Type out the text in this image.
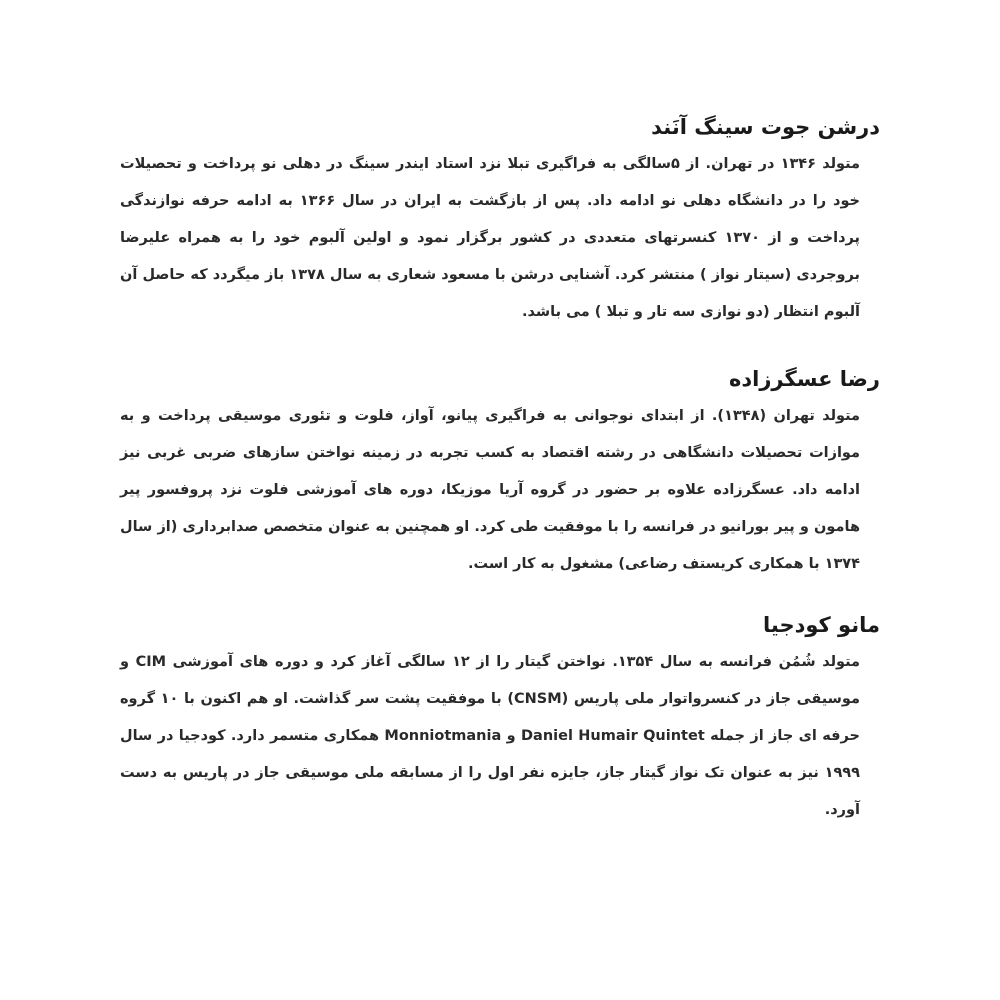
درشن جوت سینگ آنَند

متولد ۱۳۴۶ در تهران. از ۵سالگی به فراگیری تبلا نزد استاد ایندر سینگ در دهلی نو پرداخت و تحصیلات خود را در دانشگاه دهلی نو ادامه داد. پس از بازگشت به ایران در سال ۱۳۶۶ به ادامه حرفه نوازندگی پرداخت و از ۱۳۷۰ کنسرتهای متعددی در کشور برگزار نمود و اولین آلبوم خود را به همراه علیرضا بروجردی (سیتار نواز ) منتشر کرد. آشنایی درشن با مسعود شعاری به سال ۱۳۷۸ باز میگردد که حاصل آن آلبوم انتظار (دو نوازی سه تار و تبلا ) می باشد.

رضا عسگرزاده

متولد تهران (۱۳۴۸). از ابتدای نوجوانی به فراگیری پیانو، آواز، فلوت و تئوری موسیقی پرداخت و به موازات تحصیلات دانشگاهی در رشته اقتصاد به کسب تجربه در زمینه نواختن سازهای ضربی غربی نیز ادامه داد. عسگرزاده علاوه بر حضور در گروه آریا موزیکا، دوره های آموزشی فلوت نزد پروفسور پیر هامون و پیر بورانیو در فرانسه را با موفقیت طی کرد. او همچنین به عنوان متخصص صدابرداری (از سال ۱۳۷۴ با همکاری کریستف رضاعی) مشغول به کار است.

مانو کودجیا

متولد شُمُن فرانسه به سال ۱۳۵۴. نواختن گیتار را از ۱۲ سالگی آغاز کرد و دوره های آموزشی CIM و موسیقی جاز در کنسرواتوار ملی پاریس (CNSM) با موفقیت پشت سر گذاشت. او هم اکنون با ۱۰ گروه حرفه ای جاز از جمله Daniel Humair Quintet و Monniotmania همکاری متسمر دارد. کودجیا در سال ۱۹۹۹ نیز به عنوان تک نواز گیتار جاز، جایزه نفر اول را از مسابقه ملی موسیقی جاز در پاریس به دست آورد.
